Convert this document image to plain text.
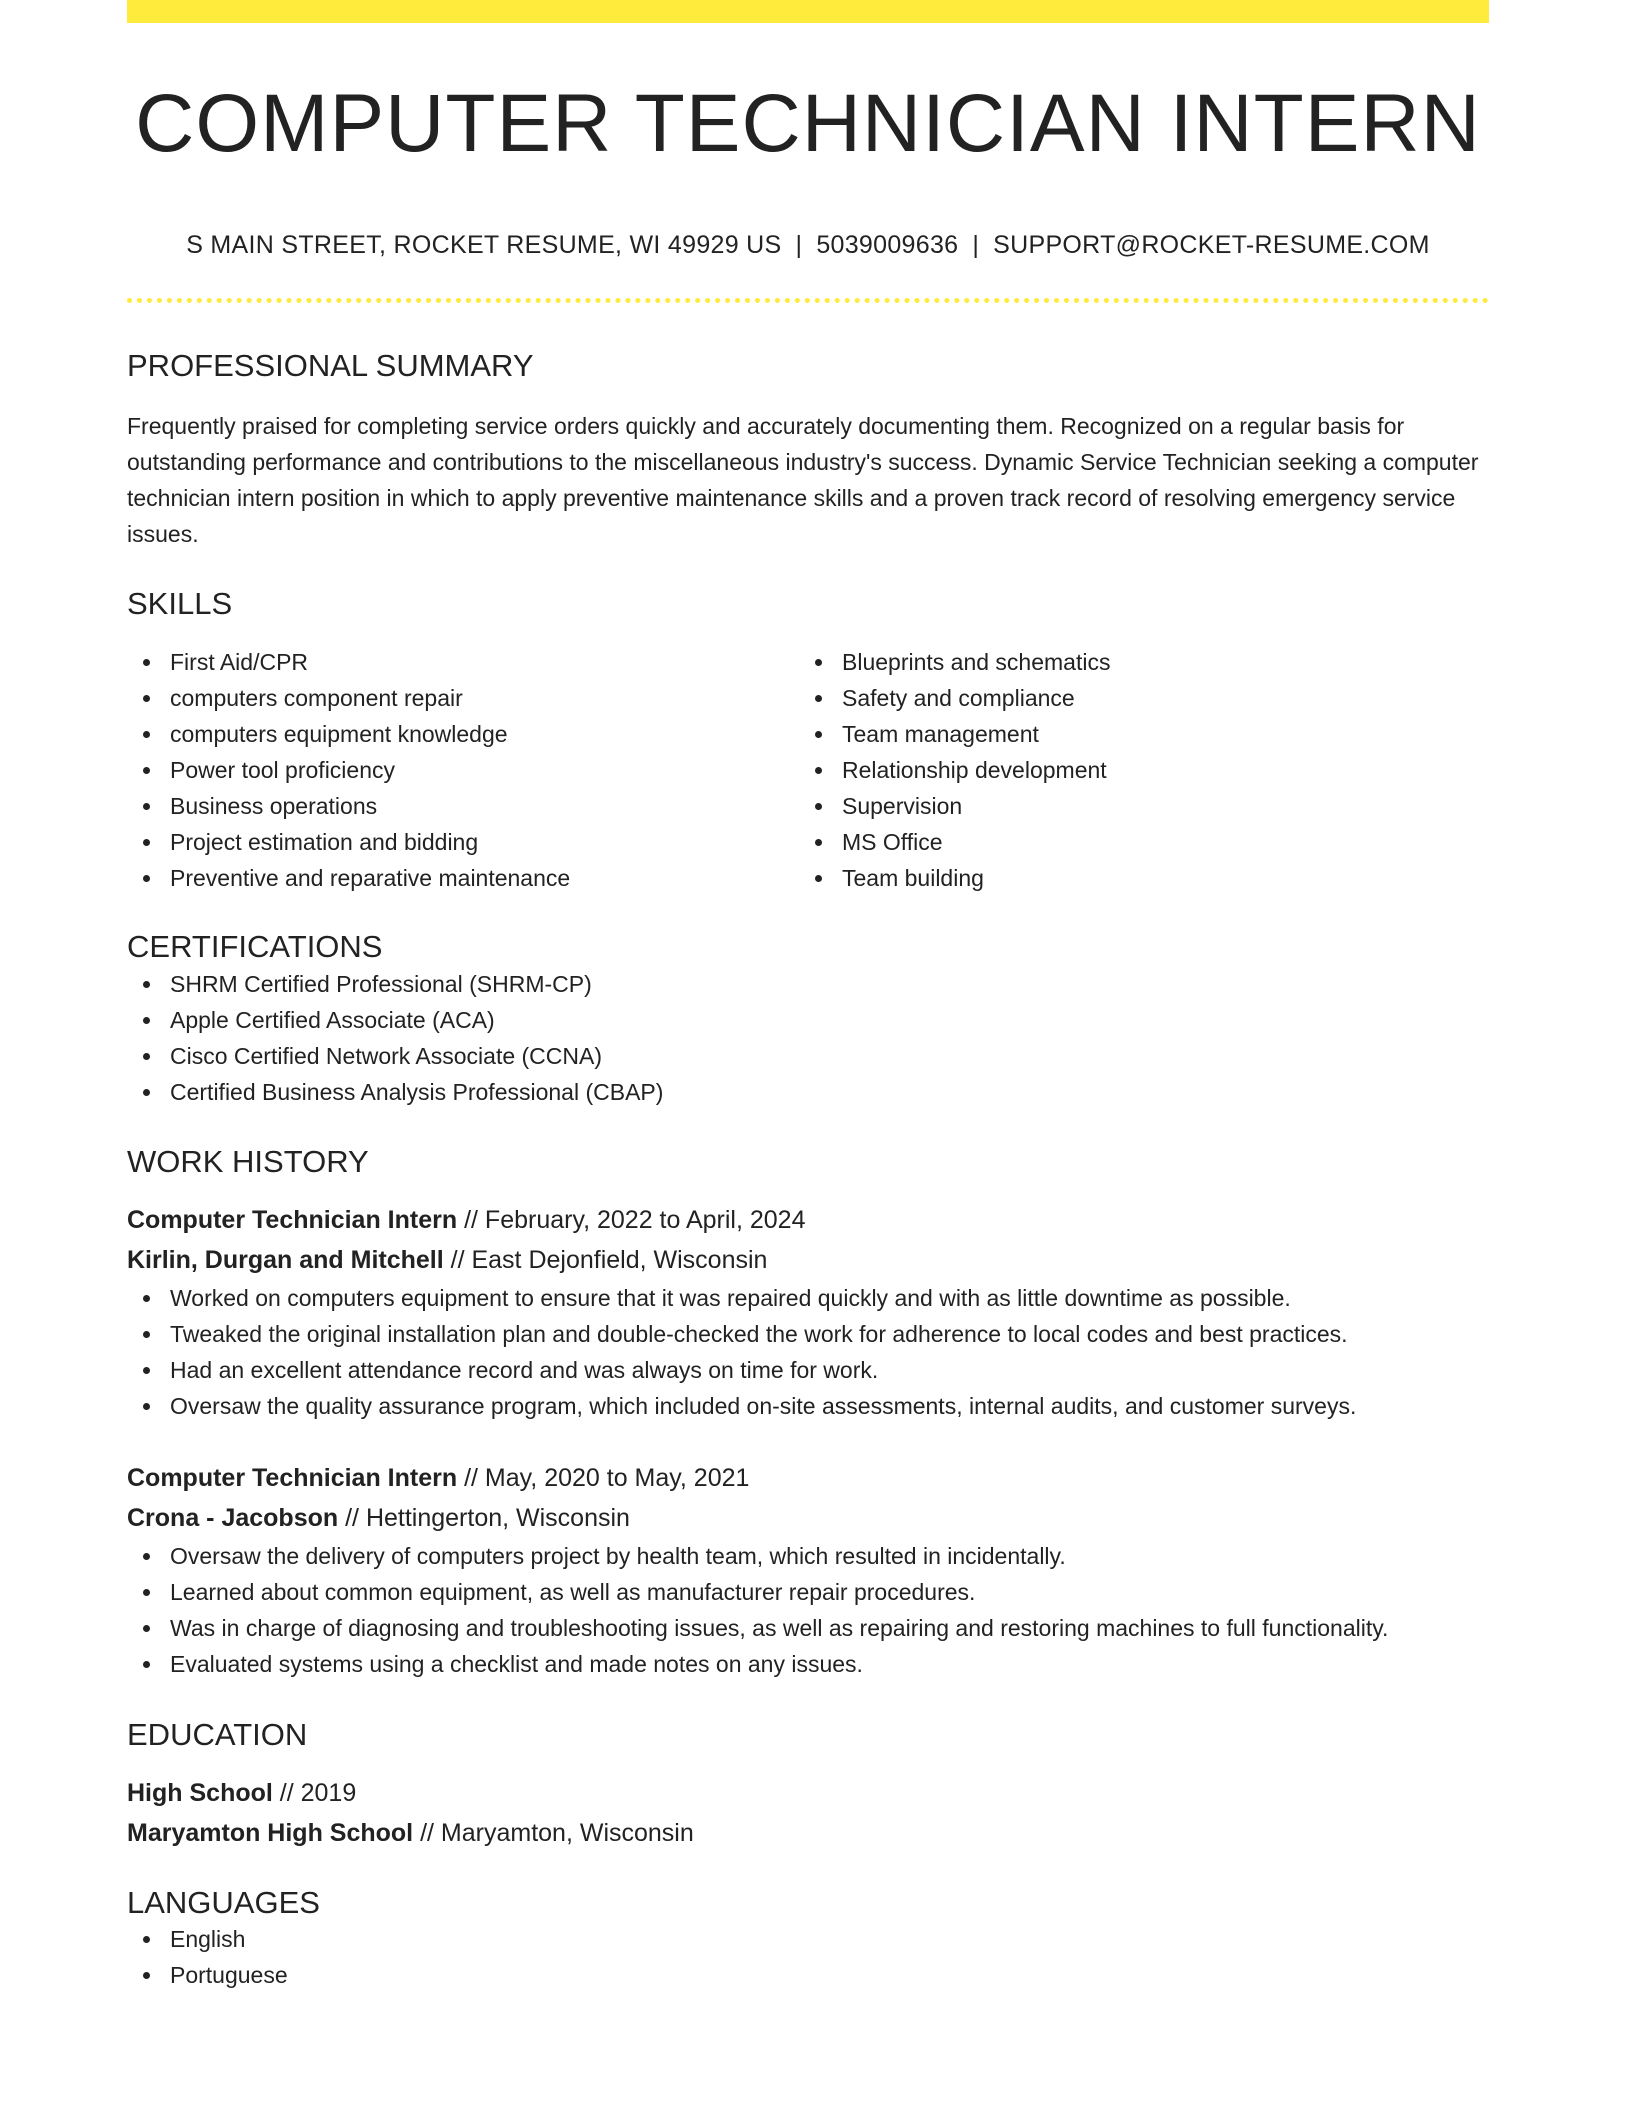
COMPUTER TECHNICIAN INTERN
S MAIN STREET, ROCKET RESUME, WI 49929 US | 5039009636 | SUPPORT@ROCKET-RESUME.COM
PROFESSIONAL SUMMARY

Frequently praised for completing service orders quickly and accurately documenting them. Recognized on a regular basis for outstanding performance and contributions to the miscellaneous industry's success. Dynamic Service Technician seeking a computer technician intern position in which to apply preventive maintenance skills and a proven track record of resolving emergency service issues.

SKILLS
First Aid/CPR
computers component repair
computers equipment knowledge
Power tool proficiency
Business operations
Project estimation and bidding
Preventive and reparative maintenance
Blueprints and schematics
Safety and compliance
Team management
Relationship development
Supervision
MS Office
Team building
CERTIFICATIONS
SHRM Certified Professional (SHRM-CP)
Apple Certified Associate (ACA)
Cisco Certified Network Associate (CCNA)
Certified Business Analysis Professional (CBAP)
WORK HISTORY
Computer Technician Intern // February, 2022 to April, 2024
Kirlin, Durgan and Mitchell // East Dejonfield, Wisconsin
Worked on computers equipment to ensure that it was repaired quickly and with as little downtime as possible.
Tweaked the original installation plan and double-checked the work for adherence to local codes and best practices.
Had an excellent attendance record and was always on time for work.
Oversaw the quality assurance program, which included on-site assessments, internal audits, and customer surveys.
Computer Technician Intern // May, 2020 to May, 2021
Crona - Jacobson // Hettingerton, Wisconsin
Oversaw the delivery of computers project by health team, which resulted in incidentally.
Learned about common equipment, as well as manufacturer repair procedures.
Was in charge of diagnosing and troubleshooting issues, as well as repairing and restoring machines to full functionality.
Evaluated systems using a checklist and made notes on any issues.
EDUCATION
High School // 2019
Maryamton High School // Maryamton, Wisconsin
LANGUAGES
English
Portuguese
